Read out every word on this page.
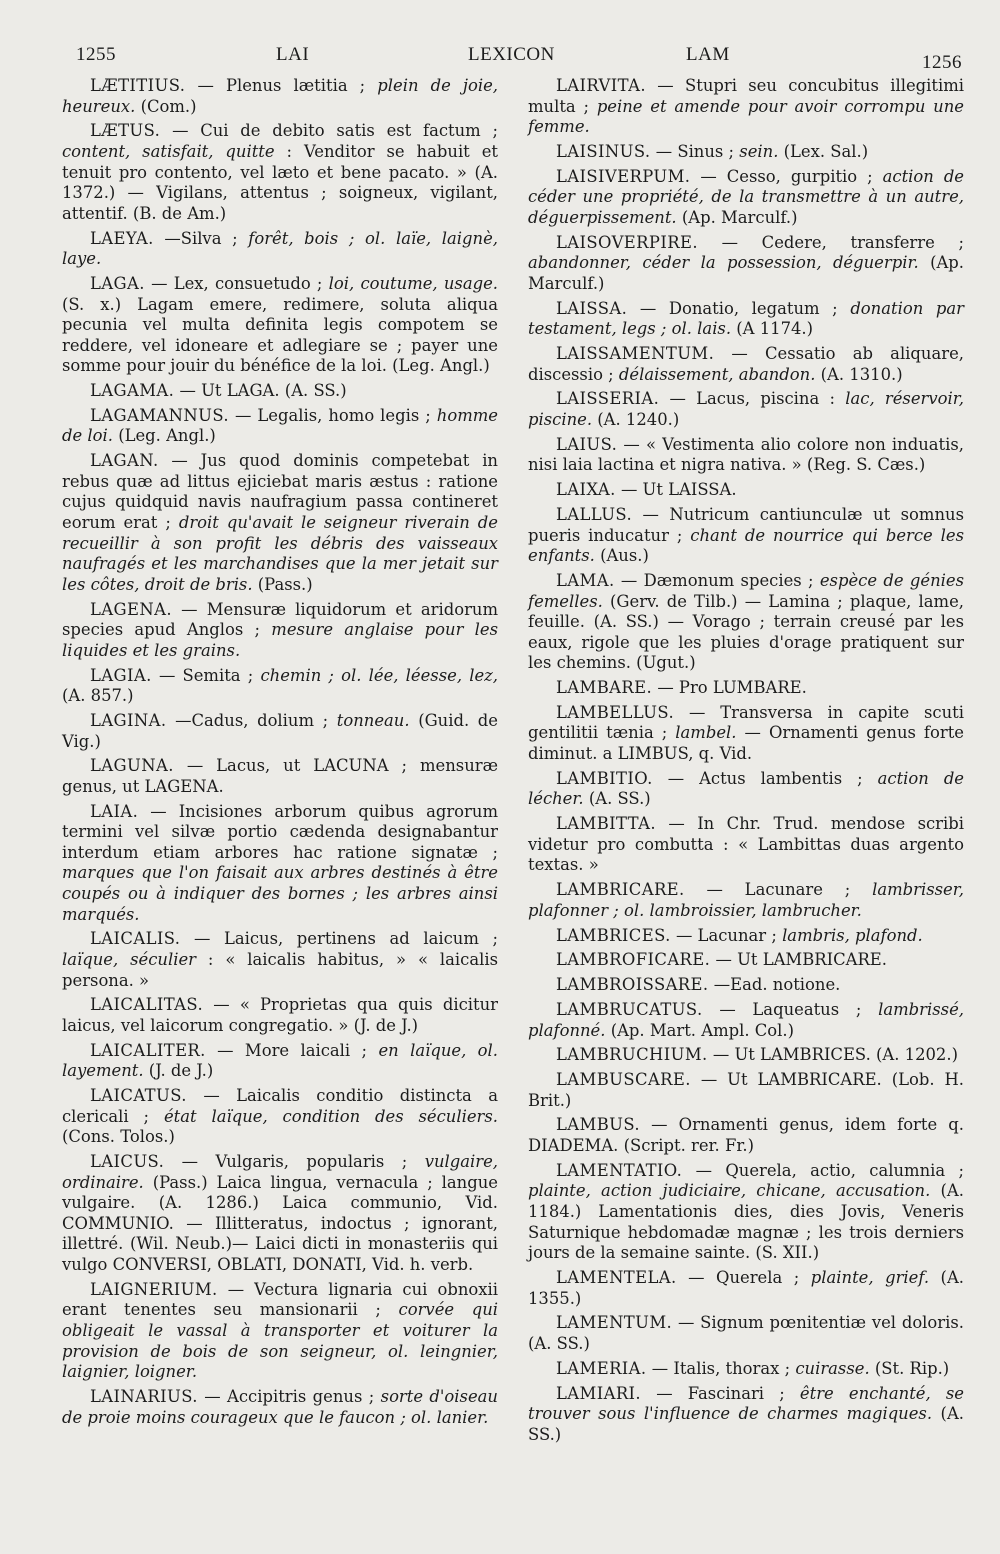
1255	LAI	LEXICON	LAM	1256

LÆTITIUS. — Plenus lætitia ; plein de joie, heureux. (Com.)

LÆTUS. — Cui de debito satis est factum ; content, satisfait, quitte : Venditor se habuit et tenuit pro contento, vel læto et bene pacato. » (A. 1372.) — Vigilans, attentus ; soigneux, vigilant, attentif. (B. de Am.)

LAEYA. —Silva ; forêt, bois ; ol. laïe, laignè, laye.

LAGA. — Lex, consuetudo ; loi, coutume, usage. (S. x.) Lagam emere, redimere, soluta aliqua pecunia vel multa definita legis compotem se reddere, vel idoneare et adlegiare se ; payer une somme pour jouir du bénéfice de la loi. (Leg. Angl.)

LAGAMA. — Ut LAGA. (A. SS.)

LAGAMANNUS. — Legalis, homo legis ; homme de loi. (Leg. Angl.)

LAGAN. — Jus quod dominis competebat in rebus quæ ad littus ejiciebat maris æstus : ratione cujus quidquid navis naufragium passa contineret eorum erat ; droit qu'avait le seigneur riverain de recueillir à son profit les débris des vaisseaux naufragés et les marchandises que la mer jetait sur les côtes, droit de bris. (Pass.)

LAGENA. — Mensuræ liquidorum et aridorum species apud Anglos ; mesure anglaise pour les liquides et les grains.

LAGIA. — Semita ; chemin ; ol. lée, léesse, lez, (A. 857.)

LAGINA. —Cadus, dolium ; tonneau. (Guid. de Vig.)

LAGUNA. — Lacus, ut LACUNA ; mensuræ genus, ut LAGENA.

LAIA. — Incisiones arborum quibus agrorum termini vel silvæ portio cædenda designabantur interdum etiam arbores hac ratione signatæ ; marques que l'on faisait aux arbres destinés à être coupés ou à indiquer des bornes ; les arbres ainsi marqués.

LAICALIS. — Laicus, pertinens ad laicum ; laïque, séculier : « laicalis habitus, » « laicalis persona. »

LAICALITAS. — « Proprietas qua quis dicitur laicus, vel laicorum congregatio. » (J. de J.)

LAICALITER. — More laicali ; en laïque, ol. layement. (J. de J.)

LAICATUS. — Laicalis conditio distincta a clericali ; état laïque, condition des séculiers. (Cons. Tolos.)

LAICUS. — Vulgaris, popularis ; vulgaire, ordinaire. (Pass.) Laica lingua, vernacula ; langue vulgaire. (A. 1286.) Laica communio, Vid. COMMUNIO. — Illitteratus, indoctus ; ignorant, illettré. (Wil. Neub.)— Laici dicti in monasteriis qui vulgo CONVERSI, OBLATI, DONATI, Vid. h. verb.

LAIGNERIUM. — Vectura lignaria cui obnoxii erant tenentes seu mansionarii ; corvée qui obligeait le vassal à transporter et voiturer la provision de bois de son seigneur, ol. leingnier, laignier, loigner.

LAINARIUS. — Accipitris genus ; sorte d'oiseau de proie moins courageux que le faucon ; ol. lanier.

LAIRVITA. — Stupri seu concubitus illegitimi multa ; peine et amende pour avoir corrompu une femme.

LAISINUS. — Sinus ; sein. (Lex. Sal.)

LAISIVERPUM. — Cesso, gurpitio ; action de céder une propriété, de la transmettre à un autre, déguerpissement. (Ap. Marculf.)

LAISOVERPIRE. — Cedere, transferre ; abandonner, céder la possession, déguerpir. (Ap. Marculf.)

LAISSA. — Donatio, legatum ; donation par testament, legs ; ol. lais. (A 1174.)

LAISSAMENTUM. — Cessatio ab aliquare, discessio ; délaissement, abandon. (A. 1310.)

LAISSERIA. — Lacus, piscina : lac, réservoir, piscine. (A. 1240.)

LAIUS. — « Vestimenta alio colore non induatis, nisi laia lactina et nigra nativa. » (Reg. S. Cæs.)

LAIXA. — Ut LAISSA.

LALLUS. — Nutricum cantiunculæ ut somnus pueris inducatur ; chant de nourrice qui berce les enfants. (Aus.)

LAMA. — Dæmonum species ; espèce de génies femelles. (Gerv. de Tilb.) — Lamina ; plaque, lame, feuille. (A. SS.) — Vorago ; terrain creusé par les eaux, rigole que les pluies d'orage pratiquent sur les chemins. (Ugut.)

LAMBARE. — Pro LUMBARE.

LAMBELLUS. — Transversa in capite scuti gentilitii tænia ; lambel. — Ornamenti genus forte diminut. a LIMBUS, q. Vid.

LAMBITIO. — Actus lambentis ; action de lécher. (A. SS.)

LAMBITTA. — In Chr. Trud. mendose scribi videtur pro combutta : « Lambittas duas argento textas. »

LAMBRICARE. — Lacunare ; lambrisser, plafonner ; ol. lambroissier, lambrucher.

LAMBRICES. — Lacunar ; lambris, plafond.

LAMBROFICARE. — Ut LAMBRICARE.

LAMBROISSARE. —Ead. notione.

LAMBRUCATUS. — Laqueatus ; lambrissé, plafonné. (Ap. Mart. Ampl. Col.)

LAMBRUCHIUM. — Ut LAMBRICES. (A. 1202.)

LAMBUSCARE. — Ut LAMBRICARE. (Lob. H. Brit.)

LAMBUS. — Ornamenti genus, idem forte q. DIADEMA. (Script. rer. Fr.)

LAMENTATIO. — Querela, actio, calumnia ; plainte, action judiciaire, chicane, accusation. (A. 1184.) Lamentationis dies, dies Jovis, Veneris Saturnique hebdomadæ magnæ ; les trois derniers jours de la semaine sainte. (S. XII.)

LAMENTELA. — Querela ; plainte, grief. (A. 1355.)

LAMENTUM. — Signum pœnitentiæ vel doloris. (A. SS.)

LAMERIA. — Italis, thorax ; cuirasse. (St. Rip.)

LAMIARI. — Fascinari ; être enchanté, se trouver sous l'influence de charmes magiques. (A. SS.)
